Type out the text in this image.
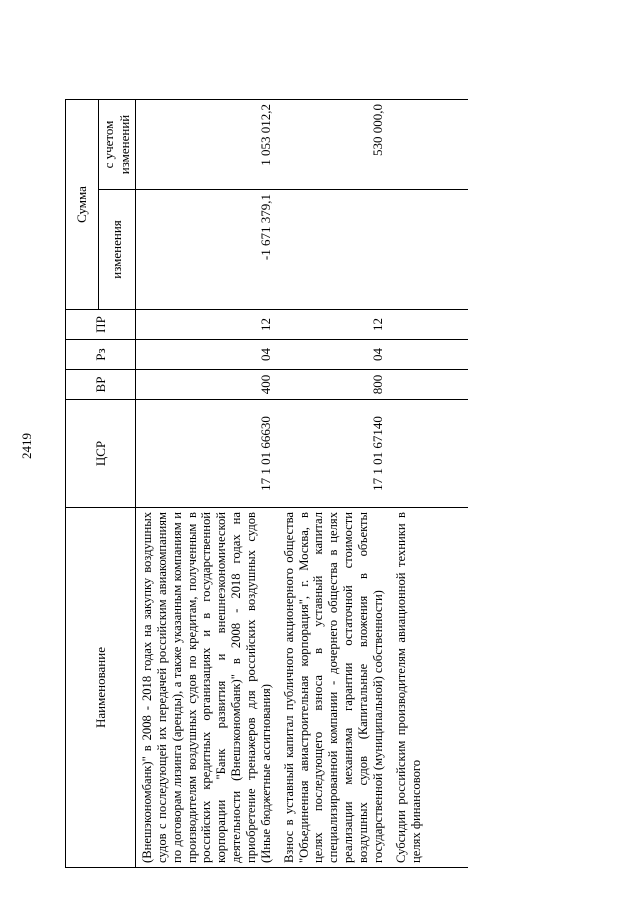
2419
Наименование	ЦСР	ВР	Рз	ПР	Сумма	
					изменения	с учетом изменений
(Внешэкономбанк)" в 2008 - 2018 годах на закупку воздушных судов с последующей их передачей российским авиакомпаниям по договорам лизинга (аренды), а также указанным компаниям и производителям воздушных судов по кредитам, полученным в российских кредитных организациях и в государственной корпорации "Банк развития и внешнеэкономической деятельности (Внешэкономбанк)" в 2008 - 2018 годах на приобретение тренажеров для российских воздушных судов (Иные бюджетные ассигнования)	17 1 01 66630	400	04	12	-1 671 379,1	1 053 012,2
Взнос в уставный капитал публичного акционерного общества "Объединенная авиастроительная корпорация", г. Москва, в целях последующего взноса в уставный капитал специализированной компании - дочернего общества в целях реализации механизма гарантии остаточной стоимости воздушных судов (Капитальные вложения в объекты государственной (муниципальной) собственности)	17 1 01 67140	800	04	12		530 000,0
Субсидии российским производителям авиационной техники в целях финансового						
